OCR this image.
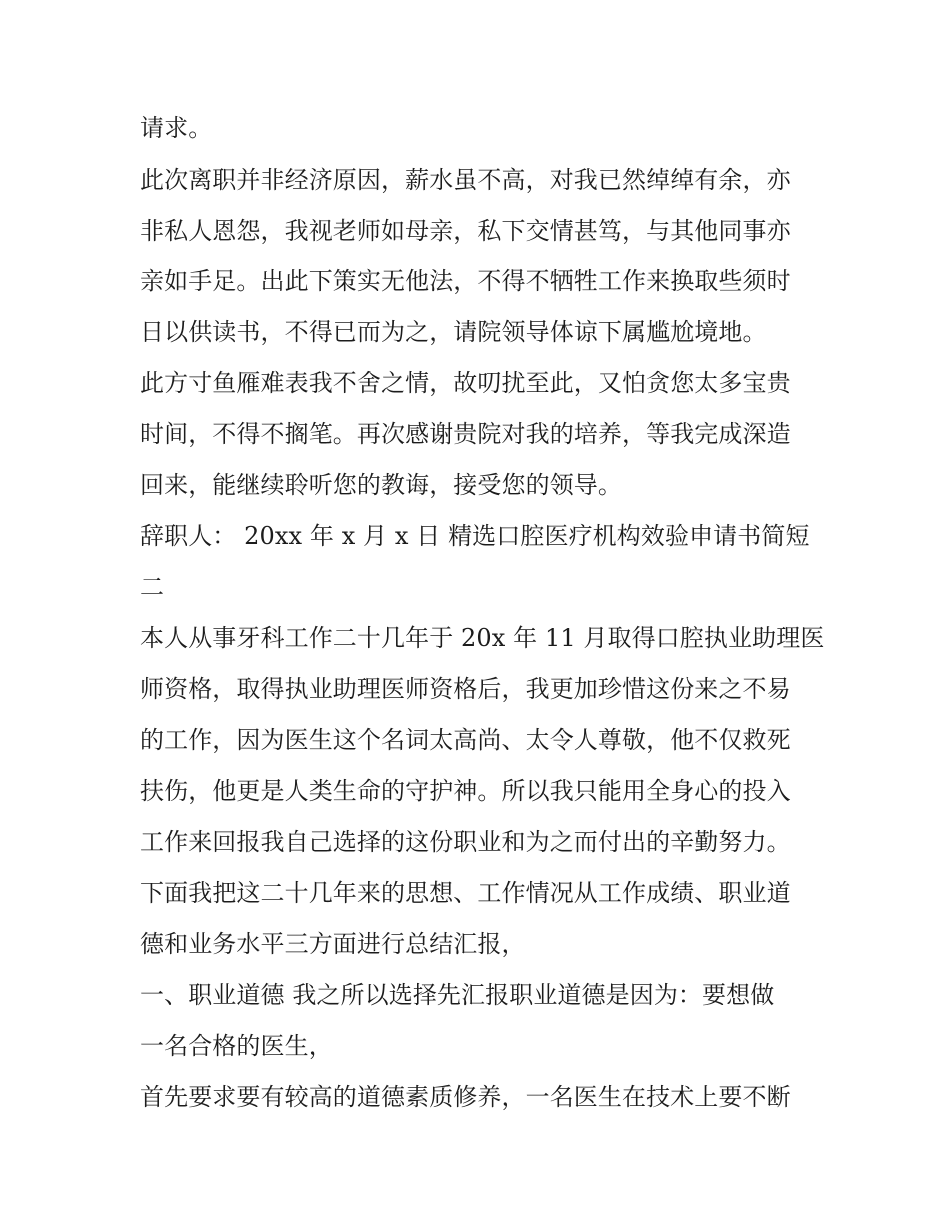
请求。
此次离职并非经济原因，薪水虽不高，对我已然绰绰有余，亦
非私人恩怨，我视老师如母亲，私下交情甚笃，与其他同事亦
亲如手足。出此下策实无他法，不得不牺牲工作来换取些须时
日以供读书，不得已而为之，请院领导体谅下属尴尬境地。
此方寸鱼雁难表我不舍之情，故叨扰至此，又怕贪您太多宝贵
时间，不得不搁笔。再次感谢贵院对我的培养，等我完成深造
回来，能继续聆听您的教诲，接受您的领导。
辞职人： 20xx 年 x 月 x 日 精选口腔医疗机构效验申请书简短
二
本人从事牙科工作二十几年于 20x 年 11 月取得口腔执业助理医
师资格，取得执业助理医师资格后，我更加珍惜这份来之不易
的工作，因为医生这个名词太高尚、太令人尊敬，他不仅救死
扶伤，他更是人类生命的守护神。所以我只能用全身心的投入
工作来回报我自己选择的这份职业和为之而付出的辛勤努力。
下面我把这二十几年来的思想、工作情况从工作成绩、职业道
德和业务水平三方面进行总结汇报，
一、职业道德 我之所以选择先汇报职业道德是因为：要想做
一名合格的医生，
首先要求要有较高的道德素质修养，一名医生在技术上要不断
